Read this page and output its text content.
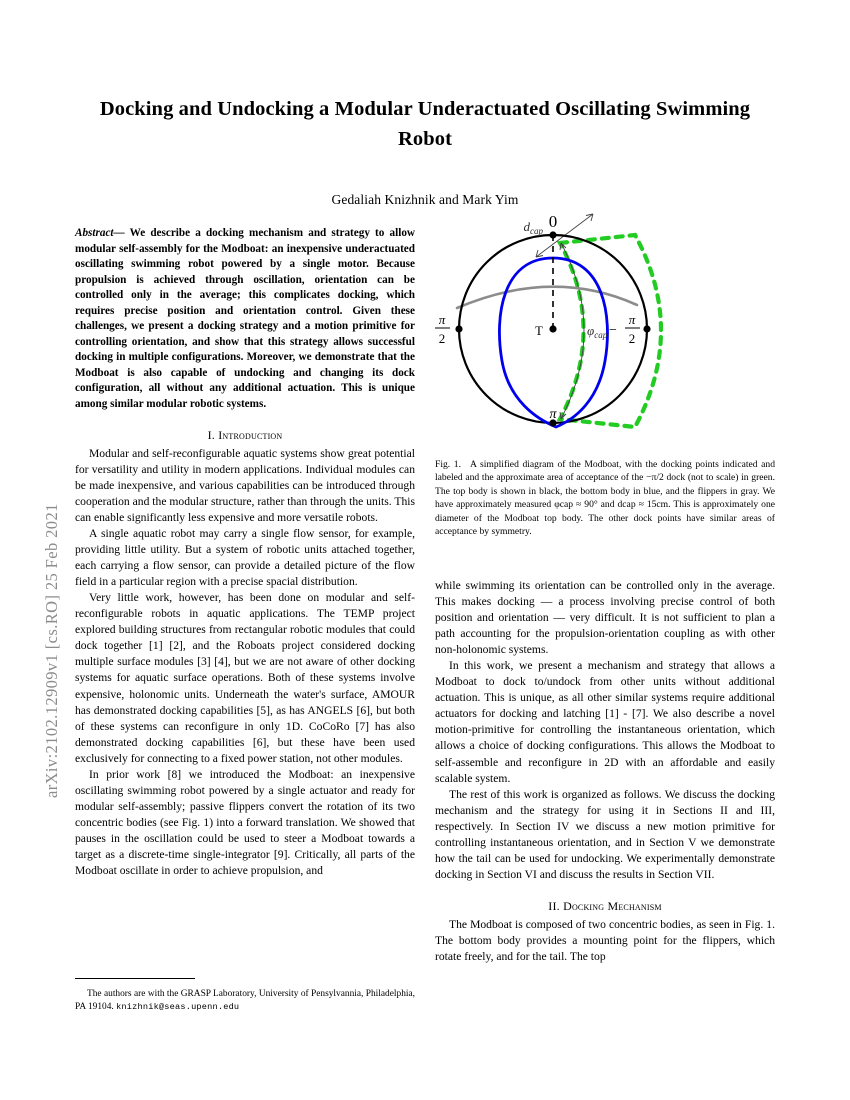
arXiv:2102.12909v1 [cs.RO] 25 Feb 2021
Docking and Undocking a Modular Underactuated Oscillating Swimming Robot
Gedaliah Knizhnik and Mark Yim

Abstract— We describe a docking mechanism and strategy to allow modular self-assembly for the Modboat: an inexpensive underactuated oscillating swimming robot powered by a single motor. Because propulsion is achieved through oscillation, orientation can be controlled only in the average; this complicates docking, which requires precise position and orientation control. Given these challenges, we present a docking strategy and a motion primitive for controlling orientation, and show that this strategy allows successful docking in multiple configurations. Moreover, we demonstrate that the Modboat is also capable of undocking and changing its dock configuration, all without any additional actuation. This is unique among similar modular robotic systems.

I. Introduction

Modular and self-reconfigurable aquatic systems show great potential for versatility and utility in modern applications. Individual modules can be made inexpensive, and various capabilities can be introduced through cooperation and the modular structure, rather than through the units. This can enable significantly less expensive and more versatile robots.

A single aquatic robot may carry a single flow sensor, for example, providing little utility. But a system of robotic units attached together, each carrying a flow sensor, can provide a detailed picture of the flow field in a particular region with a precise spacial distribution.

Very little work, however, has been done on modular and self-reconfigurable robots in aquatic applications. The TEMP project explored building structures from rectangular robotic modules that could dock together [1] [2], and the Roboats project considered docking multiple surface modules [3] [4], but we are not aware of other docking systems for aquatic surface operations. Both of these systems involve expensive, holonomic units. Underneath the water's surface, AMOUR has demonstrated docking capabilities [5], as has ANGELS [6], but both of these systems can reconfigure in only 1D. CoCoRo [7] has also demonstrated docking capabilities [6], but these have been used exclusively for connecting to a fixed power station, not other modules.

In prior work [8] we introduced the Modboat: an inexpensive oscillating swimming robot powered by a single actuator and ready for modular self-assembly; passive flippers convert the rotation of its two concentric bodies (see Fig. 1) into a forward translation. We showed that pauses in the oscillation could be used to steer a Modboat towards a target as a discrete-time single-integrator [9]. Critically, all parts of the Modboat oscillate in order to achieve propulsion, and

The authors are with the GRASP Laboratory, University of Pensylvannia, Philadelphia, PA 19104. knizhnik@seas.upenn.edu
0
π
2
−
π
2
π
T
$d_{cap}$
$\varphi_{cap}$
Fig. 1. A simplified diagram of the Modboat, with the docking points indicated and labeled and the approximate area of acceptance of the −π/2 dock (not to scale) in green. The top body is shown in black, the bottom body in blue, and the flippers in gray. We have approximately measured φcap ≈ 90° and dcap ≈ 15cm. This is approximately one diameter of the Modboat top body. The other dock points have similar areas of acceptance by symmetry.

while swimming its orientation can be controlled only in the average. This makes docking — a process involving precise control of both position and orientation — very difficult. It is not sufficient to plan a path accounting for the propulsion-orientation coupling as with other non-holonomic systems.

In this work, we present a mechanism and strategy that allows a Modboat to dock to/undock from other units without additional actuation. This is unique, as all other similar systems require additional actuators for docking and latching [1] - [7]. We also describe a novel motion-primitive for controlling the instantaneous orientation, which allows a choice of docking configurations. This allows the Modboat to self-assemble and reconfigure in 2D with an affordable and easily scalable system.

The rest of this work is organized as follows. We discuss the docking mechanism and the strategy for using it in Sections II and III, respectively. In Section IV we discuss a new motion primitive for controlling instantaneous orientation, and in Section V we demonstrate how the tail can be used for undocking. We experimentally demonstrate docking in Section VI and discuss the results in Section VII.

II. Docking Mechanism

The Modboat is composed of two concentric bodies, as seen in Fig. 1. The bottom body provides a mounting point for the flippers, which rotate freely, and for the tail. The top
